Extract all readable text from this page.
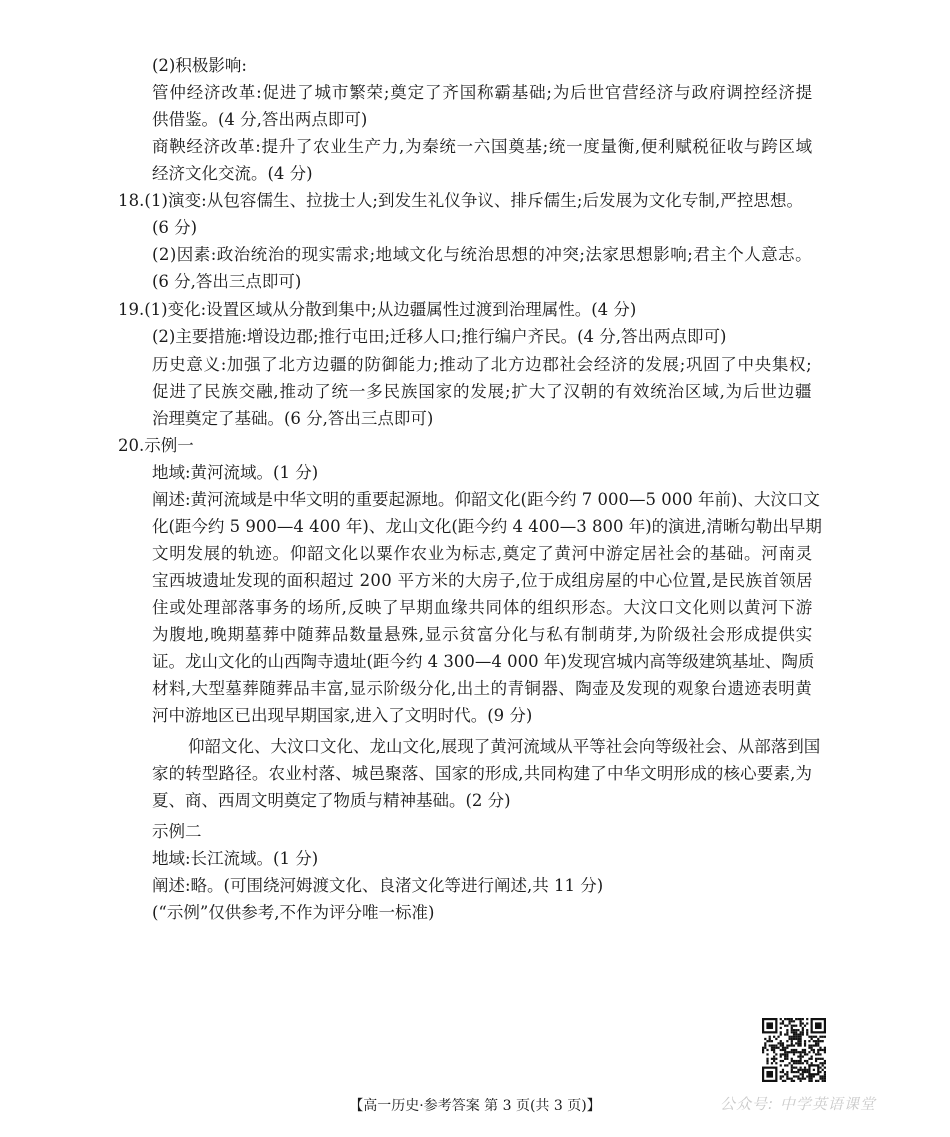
(2)积极影响:
管仲经济改革:促进了城市繁荣;奠定了齐国称霸基础;为后世官营经济与政府调控经济提
供借鉴。(4 分,答出两点即可)
商鞅经济改革:提升了农业生产力,为秦统一六国奠基;统一度量衡,便利赋税征收与跨区域
经济文化交流。(4 分)
18.(1)演变:从包容儒生、拉拢士人;到发生礼仪争议、排斥儒生;后发展为文化专制,严控思想。
(6 分)
(2)因素:政治统治的现实需求;地域文化与统治思想的冲突;法家思想影响;君主个人意志。
(6 分,答出三点即可)
19.(1)变化:设置区域从分散到集中;从边疆属性过渡到治理属性。(4 分)
(2)主要措施:增设边郡;推行屯田;迁移人口;推行编户齐民。(4 分,答出两点即可)
历史意义:加强了北方边疆的防御能力;推动了北方边郡社会经济的发展;巩固了中央集权;
促进了民族交融,推动了统一多民族国家的发展;扩大了汉朝的有效统治区域,为后世边疆
治理奠定了基础。(6 分,答出三点即可)
20.示例一
地域:黄河流域。(1 分)
阐述:黄河流域是中华文明的重要起源地。仰韶文化(距今约 7 000—5 000 年前)、大汶口文
化(距今约 5 900—4 400 年)、龙山文化(距今约 4 400—3 800 年)的演进,清晰勾勒出早期
文明发展的轨迹。仰韶文化以粟作农业为标志,奠定了黄河中游定居社会的基础。河南灵
宝西坡遗址发现的面积超过 200 平方米的大房子,位于成组房屋的中心位置,是民族首领居
住或处理部落事务的场所,反映了早期血缘共同体的组织形态。大汶口文化则以黄河下游
为腹地,晚期墓葬中随葬品数量悬殊,显示贫富分化与私有制萌芽,为阶级社会形成提供实
证。龙山文化的山西陶寺遗址(距今约 4 300—4 000 年)发现宫城内高等级建筑基址、陶质
材料,大型墓葬随葬品丰富,显示阶级分化,出土的青铜器、陶壶及发现的观象台遗迹表明黄
河中游地区已出现早期国家,进入了文明时代。(9 分)
仰韶文化、大汶口文化、龙山文化,展现了黄河流域从平等社会向等级社会、从部落到国
家的转型路径。农业村落、城邑聚落、国家的形成,共同构建了中华文明形成的核心要素,为
夏、商、西周文明奠定了物质与精神基础。(2 分)
示例二
地域:长江流域。(1 分)
阐述:略。(可围绕河姆渡文化、良渚文化等进行阐述,共 11 分)
(“示例”仅供参考,不作为评分唯一标准)
【高一历史·参考答案 第 3 页(共 3 页)】	公众号: 中学英语课堂
